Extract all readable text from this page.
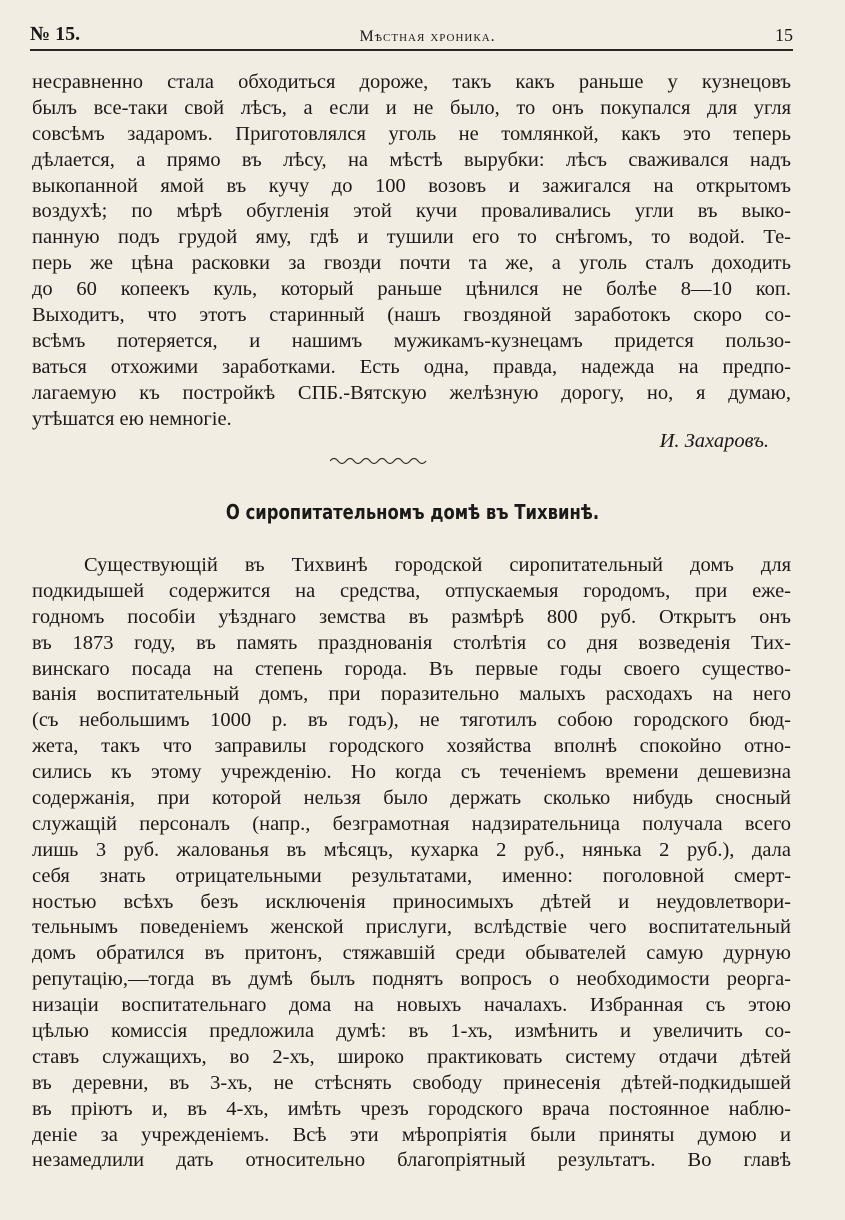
№ 15.	Мѣстная хроника.	15
несравненно стала обходиться дороже, такъ какъ раньше у кузнецовъ
былъ все-таки свой лѣсъ, а если и не было, то онъ покупался для угля
совсѣмъ задаромъ. Приготовлялся уголь не томлянкой, какъ это теперь
дѣлается, а прямо въ лѣсу, на мѣстѣ вырубки: лѣсъ сваживался надъ
выкопанной ямой въ кучу до 100 возовъ и зажигался на открытомъ
воздухѣ; по мѣрѣ обугленія этой кучи проваливались угли въ выко-
панную подъ грудой яму, гдѣ и тушили его то снѣгомъ, то водой. Те-
перь же цѣна расковки за гвозди почти та же, а уголь сталъ доходить
до 60 копеекъ куль, который раньше цѣнился не болѣе 8—10 коп.
Выходитъ, что этотъ старинный (нашъ гвоздяной заработокъ скоро со-
всѣмъ потеряется, и нашимъ мужикамъ-кузнецамъ придется пользо-
ваться отхожими заработками. Есть одна, правда, надежда на предпо-
лагаемую къ постройкѣ СПБ.-Вятскую желѣзную дорогу, но, я думаю,
утѣшатся ею немногіе.
И. Захаровъ.
О сиропитательномъ домѣ въ Тихвинѣ.
Существующій въ Тихвинѣ городской сиропитательный домъ для
подкидышей содержится на средства, отпускаемыя городомъ, при еже-
годномъ пособіи уѣзднаго земства въ размѣрѣ 800 руб. Открытъ онъ
въ 1873 году, въ память празднованія столѣтія со дня возведенія Тих-
винскаго посада на степень города. Въ первые годы своего существо-
ванія воспитательный домъ, при поразительно малыхъ расходахъ на него
(съ небольшимъ 1000 р. въ годъ), не тяготилъ собою городского бюд-
жета, такъ что заправилы городского хозяйства вполнѣ спокойно отно-
сились къ этому учрежденію. Но когда съ теченіемъ времени дешевизна
содержанія, при которой нельзя было держать сколько нибудь сносный
служащій персоналъ (напр., безграмотная надзирательница получала всего
лишь 3 руб. жалованья въ мѣсяцъ, кухарка 2 руб., нянька 2 руб.), дала
себя знать отрицательными результатами, именно: поголовной смерт-
ностью всѣхъ безъ исключенія приносимыхъ дѣтей и неудовлетвори-
тельнымъ поведеніемъ женской прислуги, вслѣдствіе чего воспитательный
домъ обратился въ притонъ, стяжавшій среди обывателей самую дурную
репутацію,—тогда въ думѣ былъ поднятъ вопросъ о необходимости реорга-
низаціи воспитательнаго дома на новыхъ началахъ. Избранная съ этою
цѣлью комиссія предложила думѣ: въ 1-хъ, измѣнить и увеличить со-
ставъ служащихъ, во 2-хъ, широко практиковать систему отдачи дѣтей
въ деревни, въ 3-хъ, не стѣснять свободу принесенія дѣтей-подкидышей
въ пріютъ и, въ 4-хъ, имѣть чрезъ городского врача постоянное наблю-
деніе за учрежденіемъ. Всѣ эти мѣропріятія были приняты думою и
незамедлили дать относительно благопріятный результатъ. Во главѣ
